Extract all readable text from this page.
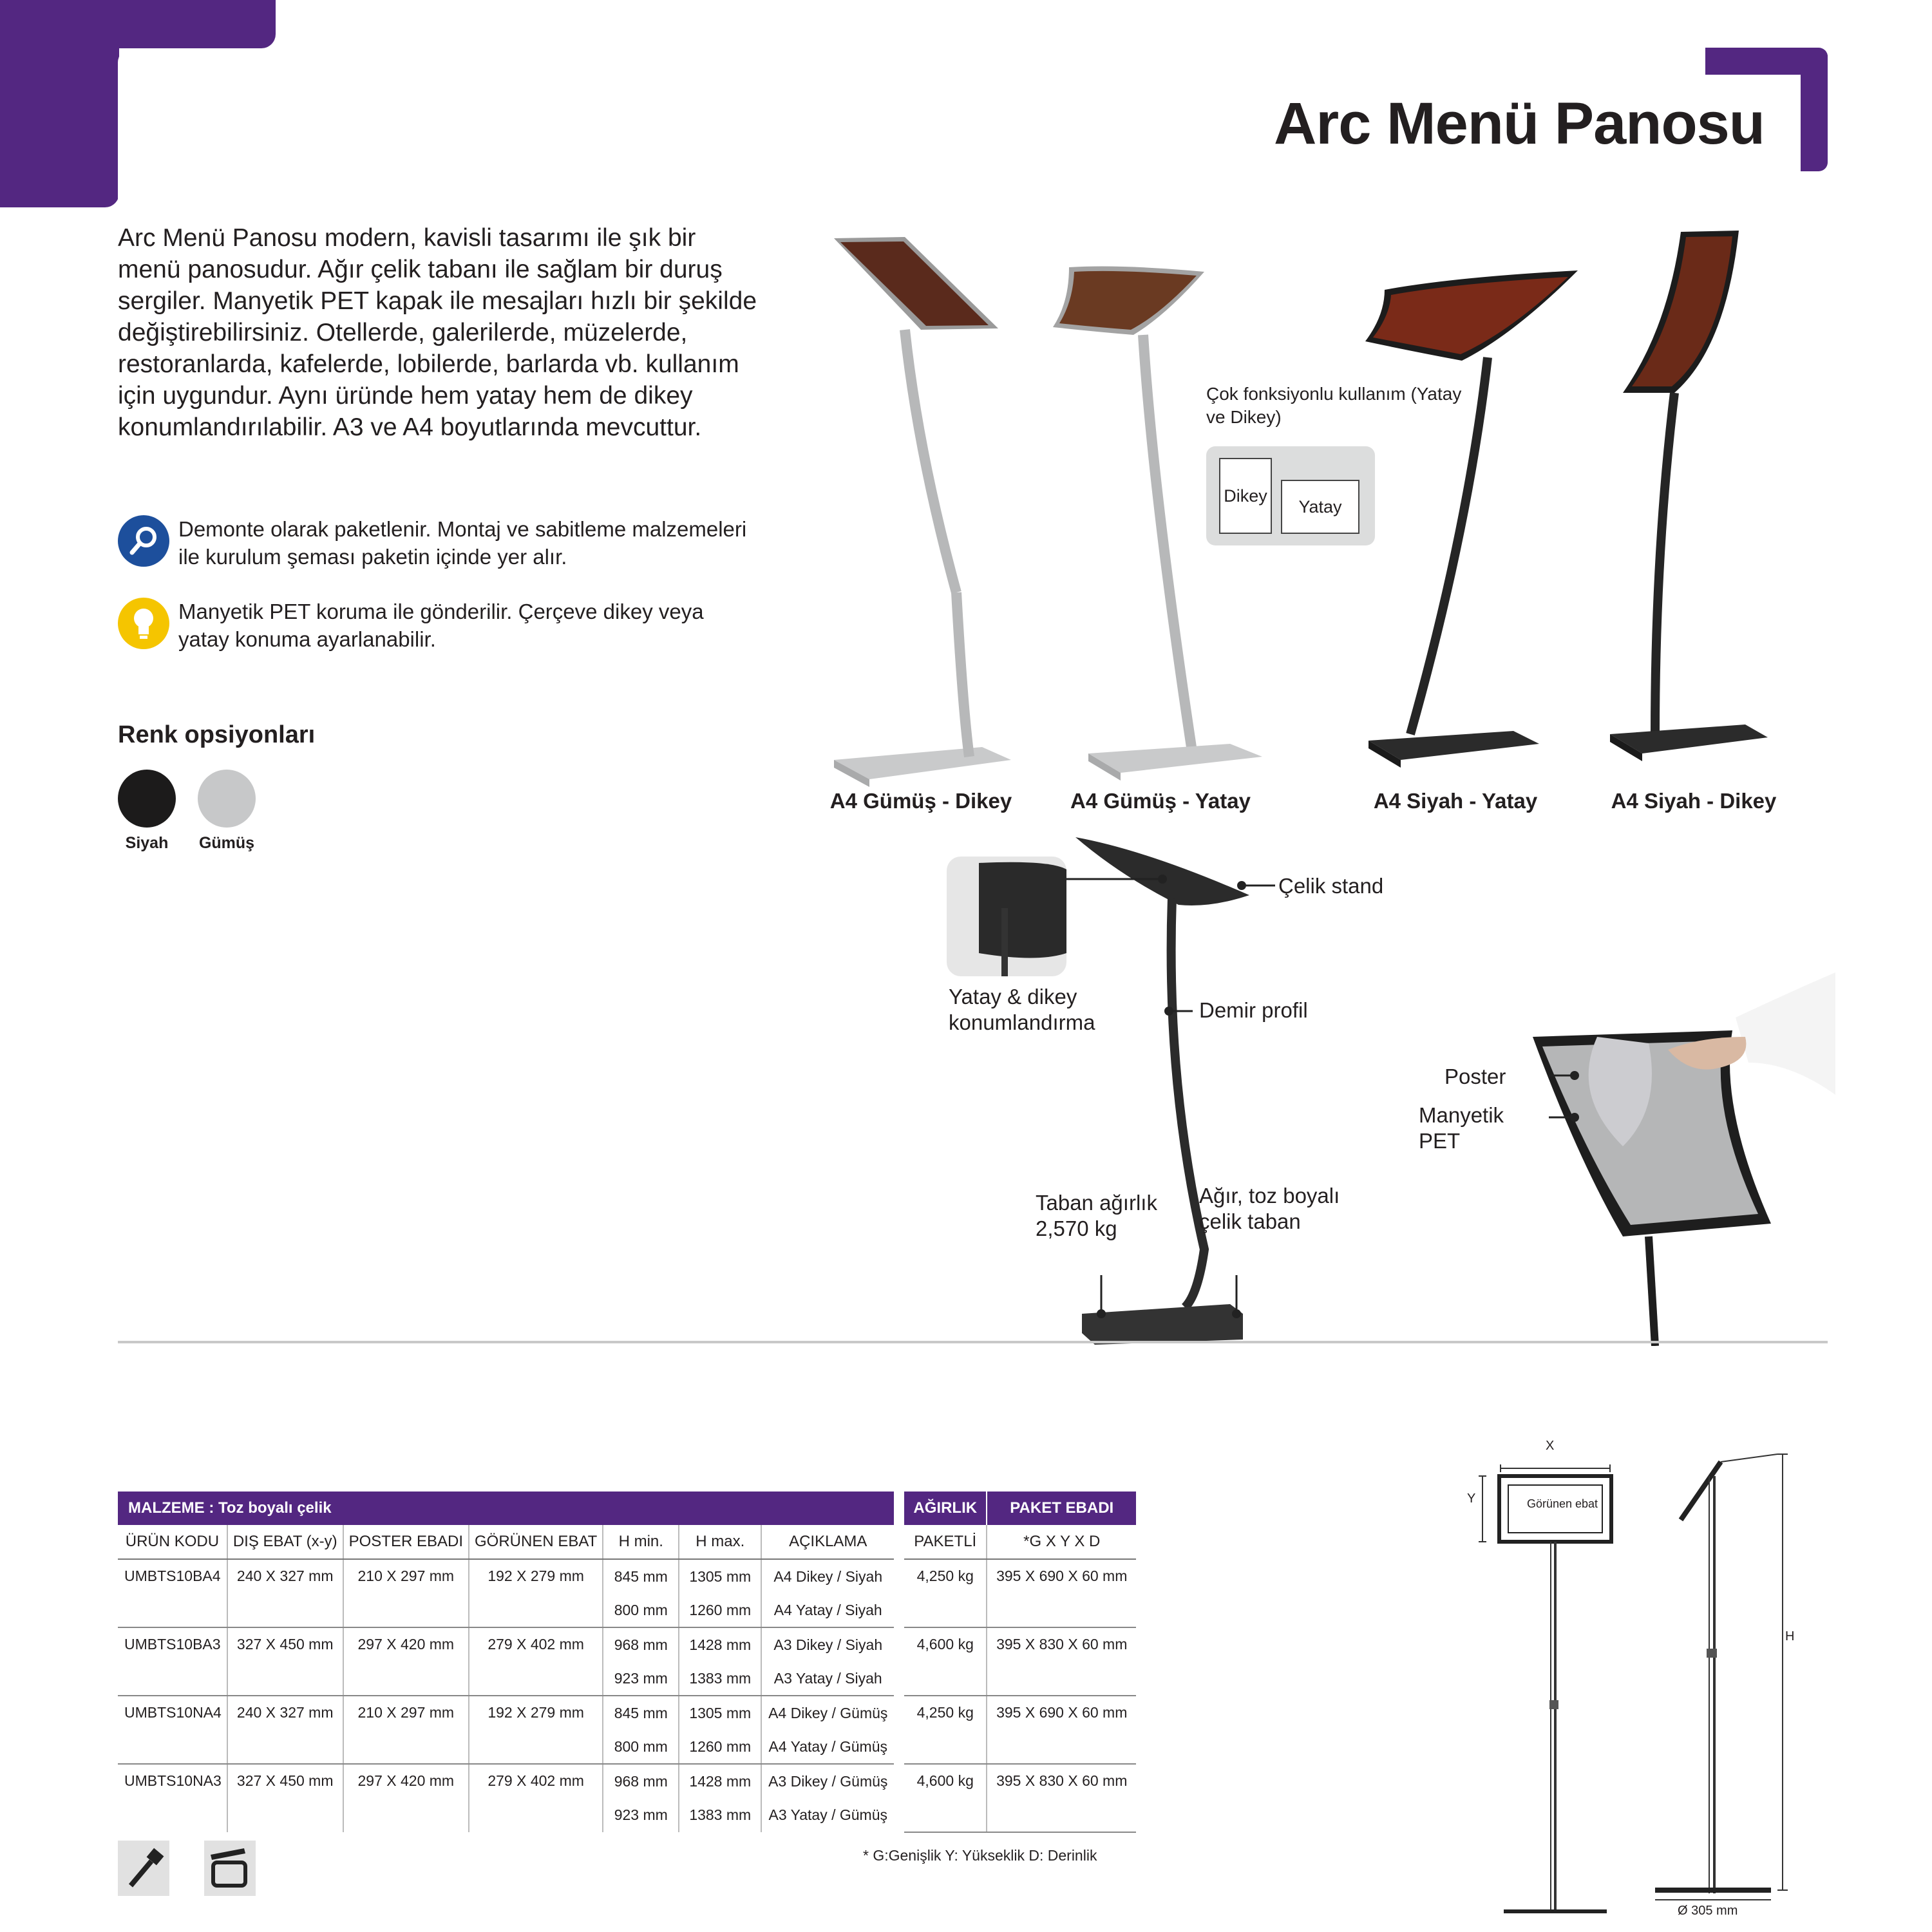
Arc Menü Panosu

Arc Menü Panosu modern, kavisli tasarımı ile şık bir menü panosudur. Ağır çelik tabanı ile sağlam bir duruş sergiler. Manyetik PET kapak ile mesajları hızlı bir şekilde değiştirebilirsiniz. Otellerde, galerilerde, müzelerde, restoranlarda, kafelerde, lobilerde, barlarda vb. kullanım için uygundur. Aynı üründe hem yatay hem de dikey konumlandırılabilir. A3 ve A4 boyutlarında mevcuttur.

Demonte olarak paketlenir. Montaj ve sabitleme malzemeleri ile kurulum şeması paketin içinde yer alır.
Manyetik PET koruma ile gönderilir. Çerçeve dikey veya yatay konuma ayarlanabilir.
Renk opsiyonları
Siyah	Gümüş
A4 Gümüş - Dikey	A4 Gümüş - Yatay	A4 Siyah - Yatay	A4 Siyah - Dikey
Çok fonksiyonlu kullanım (Yatay ve Dikey)
Dikey
Yatay
Yatay & dikey konumlandırma
Çelik stand
Demir profil
Taban ağırlık 2,570 kg
Ağır, toz boyalı çelik taban
Poster
Manyetik PET
MALZEME : Toz boyalı çelik								AĞIRLIK	PAKET EBADI
ÜRÜN KODU	DIŞ EBAT (x-y)	POSTER EBADI	GÖRÜNEN EBAT	H min.	H max.	AÇIKLAMA		PAKETLİ	*G X Y X D
UMBTS10BA4	240 X 327 mm	210 X 297 mm	192 X 279 mm	845 mm	1305 mm	A4 Dikey / Siyah		4,250 kg	395 X 690 X 60 mm
				800 mm	1260 mm	A4 Yatay / Siyah			
UMBTS10BA3	327 X 450 mm	297 X 420 mm	279 X 402 mm	968 mm	1428 mm	A3 Dikey / Siyah		4,600 kg	395 X 830 X 60 mm
				923 mm	1383 mm	A3 Yatay / Siyah			
UMBTS10NA4	240 X 327 mm	210 X 297 mm	192 X 279 mm	845 mm	1305 mm	A4 Dikey / Gümüş		4,250 kg	395 X 690 X 60 mm
				800 mm	1260 mm	A4 Yatay / Gümüş			
UMBTS10NA3	327 X 450 mm	297 X 420 mm	279 X 402 mm	968 mm	1428 mm	A3 Dikey / Gümüş		4,600 kg	395 X 830 X 60 mm
				923 mm	1383 mm	A3 Yatay / Gümüş			
* G:Genişlik Y: Yükseklik D: Derinlik
X
Y
H
Görünen ebat
Ø 305 mm
